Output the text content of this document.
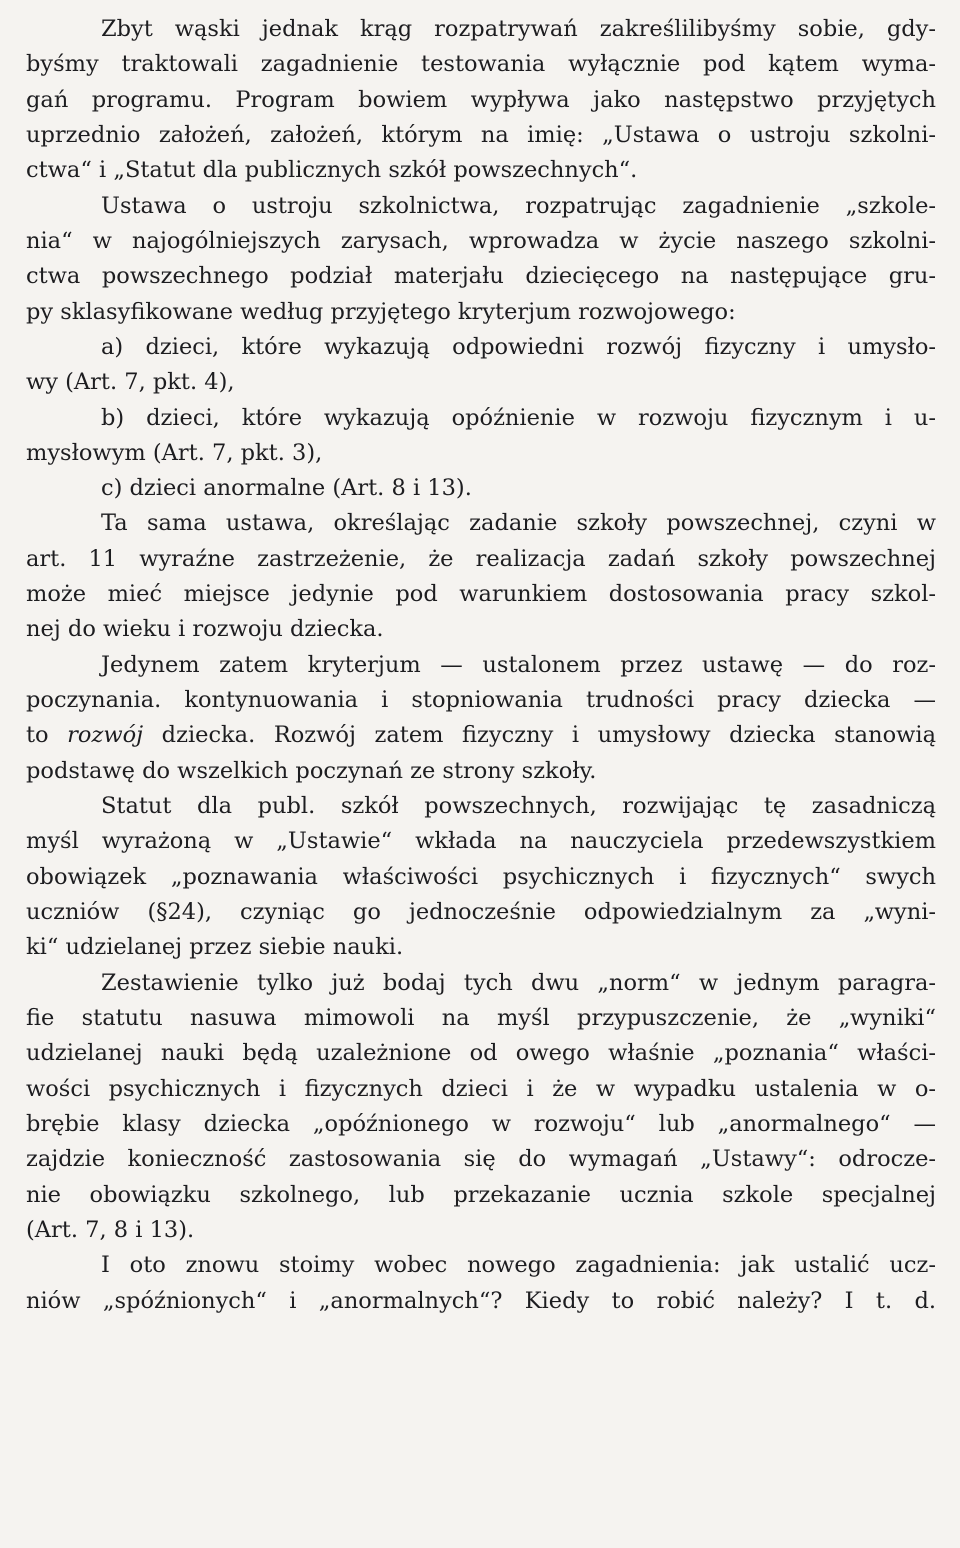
Zbyt wąski jednak krąg rozpatrywań zakreślilibyśmy sobie, gdy-
byśmy traktowali zagadnienie testowania wyłącznie pod kątem wyma-
gań programu. Program bowiem wypływa jako następstwo przyjętych
uprzednio założeń, założeń, którym na imię: „Ustawa o ustroju szkolni-
ctwa“ i „Statut dla publicznych szkół powszechnych“.
Ustawa o ustroju szkolnictwa, rozpatrując zagadnienie „szkole-
nia“ w najogólniejszych zarysach, wprowadza w życie naszego szkolni-
ctwa powszechnego podział materjału dziecięcego na następujące gru-
py sklasyfikowane według przyjętego kryterjum rozwojowego:
a) dzieci, które wykazują odpowiedni rozwój fizyczny i umysło-
wy (Art. 7, pkt. 4),
b) dzieci, które wykazują opóźnienie w rozwoju fizycznym i u-
mysłowym (Art. 7, pkt. 3),
c) dzieci anormalne (Art. 8 i 13).
Ta sama ustawa, określając zadanie szkoły powszechnej, czyni w
art. 11 wyraźne zastrzeżenie, że realizacja zadań szkoły powszechnej
może mieć miejsce jedynie pod warunkiem dostosowania pracy szkol-
nej do wieku i rozwoju dziecka.
Jedynem zatem kryterjum — ustalonem przez ustawę — do roz-
poczynania. kontynuowania i stopniowania trudności pracy dziecka —
to rozwój dziecka. Rozwój zatem fizyczny i umysłowy dziecka stanowią
podstawę do wszelkich poczynań ze strony szkoły.
Statut dla publ. szkół powszechnych, rozwijając tę zasadniczą
myśl wyrażoną w „Ustawie“ wkłada na nauczyciela przedewszystkiem
obowiązek „poznawania właściwości psychicznych i fizycznych“ swych
uczniów (§24), czyniąc go jednocześnie odpowiedzialnym za „wyni-
ki“ udzielanej przez siebie nauki.
Zestawienie tylko już bodaj tych dwu „norm“ w jednym paragra-
fie statutu nasuwa mimowoli na myśl przypuszczenie, że „wyniki“
udzielanej nauki będą uzależnione od owego właśnie „poznania“ właści-
wości psychicznych i fizycznych dzieci i że w wypadku ustalenia w o-
brębie klasy dziecka „opóźnionego w rozwoju“ lub „anormalnego“ —
zajdzie konieczność zastosowania się do wymagań „Ustawy“: odrocze-
nie obowiązku szkolnego, lub przekazanie ucznia szkole specjalnej
(Art. 7, 8 i 13).
I oto znowu stoimy wobec nowego zagadnienia: jak ustalić ucz-
niów „spóźnionych“ i „anormalnych“? Kiedy to robić należy? I t. d.
